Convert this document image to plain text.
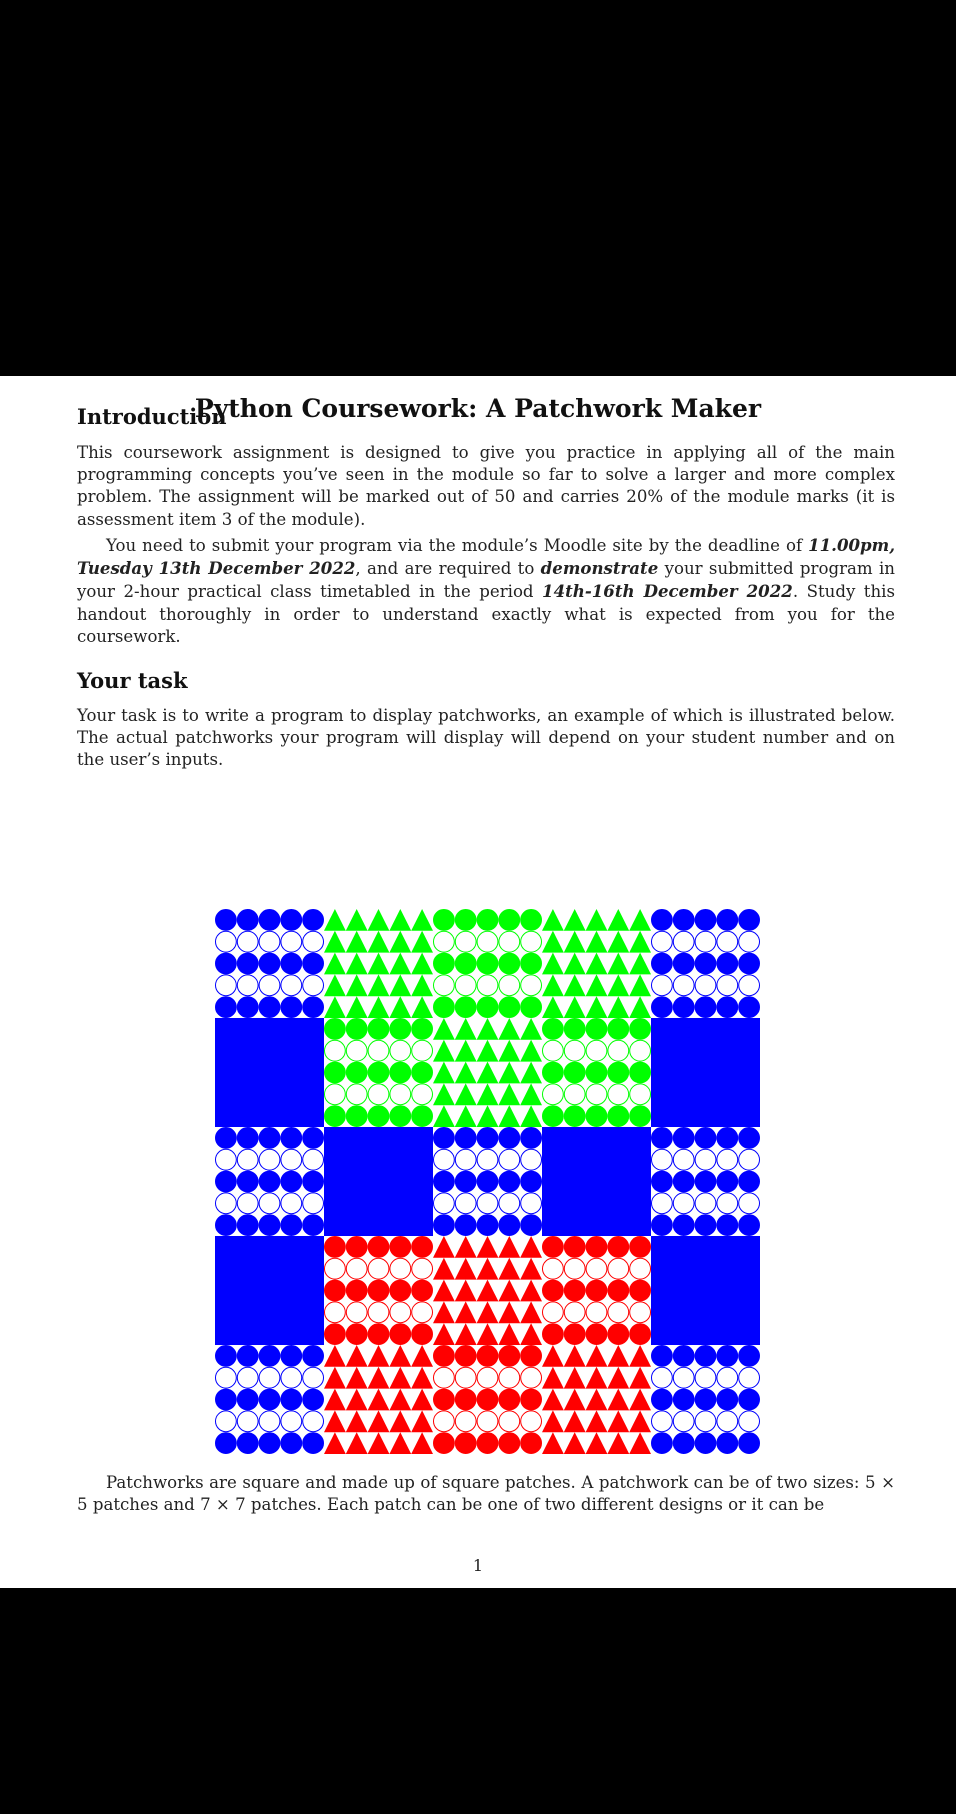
Python Coursework: A Patchwork Maker
Introduction

This coursework assignment is designed to give you practice in applying all of the main programming concepts you’ve seen in the module so far to solve a larger and more complex problem. The assignment will be marked out of 50 and carries 20% of the module marks (it is assessment item 3 of the module).

You need to submit your program via the module’s Moodle site by the deadline of 11.00pm, Tuesday 13th December 2022, and are required to demonstrate your submitted program in your 2-hour practical class timetabled in the period 14th-16th December 2022. Study this handout thoroughly in order to understand exactly what is expected from you for the coursework.

Your task

Your task is to write a program to display patchworks, an example of which is illustrated below. The actual patchworks your program will display will depend on your student number and on the user’s inputs.

Patchworks are square and made up of square patches. A patchwork can be of two sizes: 5 × 5 patches and 7 × 7 patches. Each patch can be one of two different designs or it can be

1
